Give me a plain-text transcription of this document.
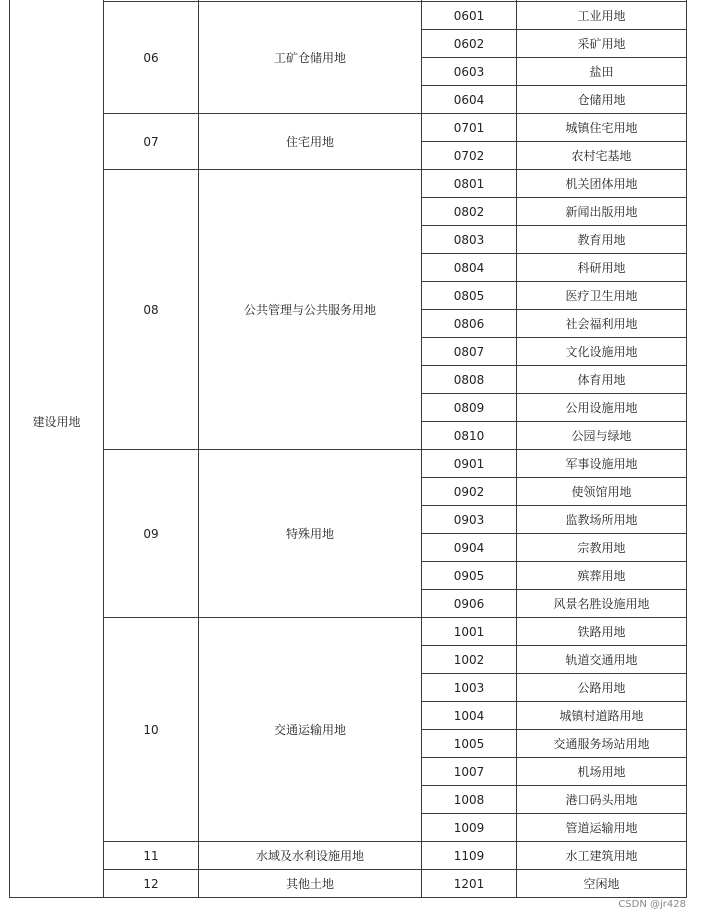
建设用地				
	06	工矿仓储用地	0601	工业用地
			0602	采矿用地
			0603	盐田
			0604	仓储用地
	07	住宅用地	0701	城镇住宅用地
			0702	农村宅基地
	08	公共管理与公共服务用地	0801	机关团体用地
			0802	新闻出版用地
			0803	教育用地
			0804	科研用地
			0805	医疗卫生用地
			0806	社会福利用地
			0807	文化设施用地
			0808	体育用地
			0809	公用设施用地
			0810	公园与绿地
	09	特殊用地	0901	军事设施用地
			0902	使领馆用地
			0903	监教场所用地
			0904	宗教用地
			0905	殡葬用地
			0906	风景名胜设施用地
	10	交通运输用地	1001	铁路用地
			1002	轨道交通用地
			1003	公路用地
			1004	城镇村道路用地
			1005	交通服务场站用地
			1007	机场用地
			1008	港口码头用地
			1009	管道运输用地
	11	水域及水利设施用地	1109	水工建筑用地
	12	其他土地	1201	空闲地
CSDN @jr428
